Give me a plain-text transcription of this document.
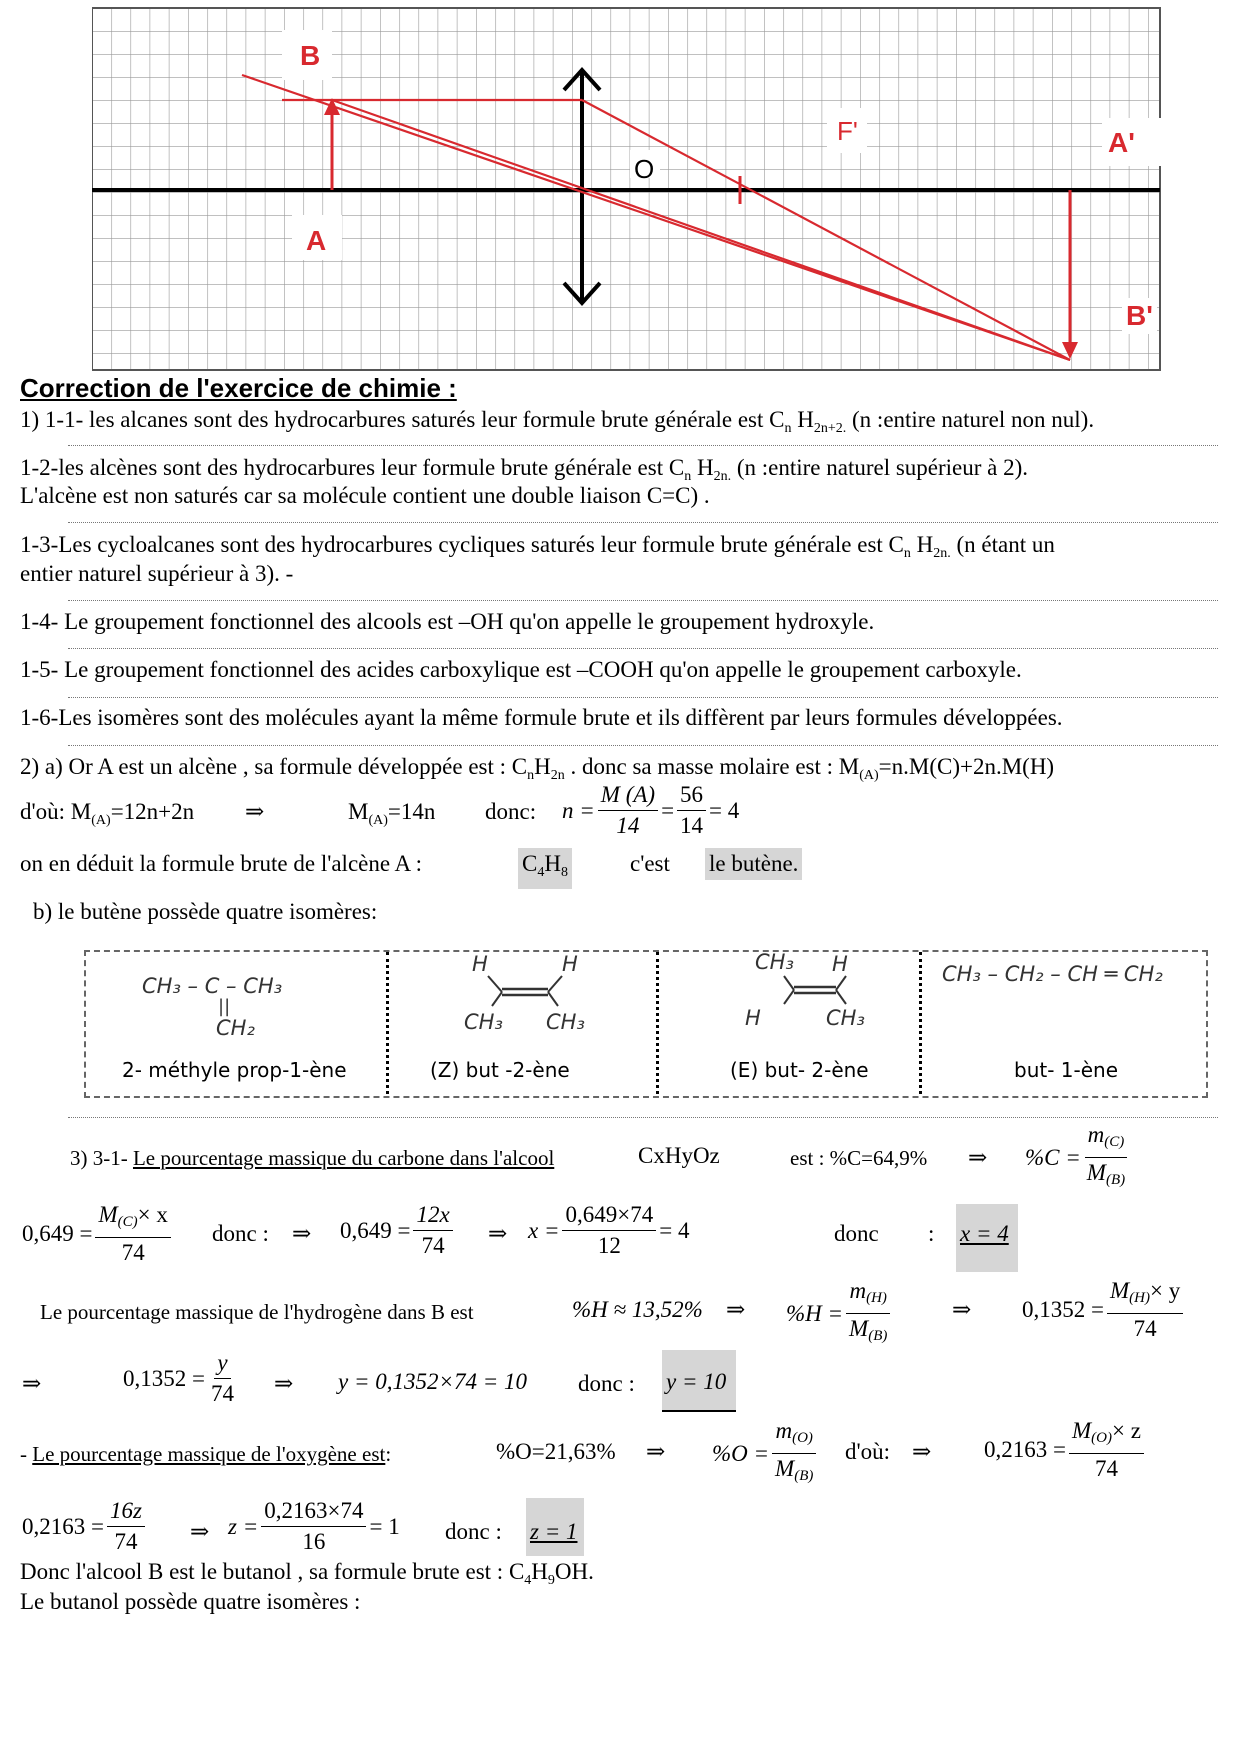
B
A
O
F'	A'
B'
Correction de l'exercice de chimie :
1) 1-1- les alcanes sont des hydrocarbures saturés leur formule brute générale est $C_n$ $H_{2n+2.}$ (n :entire naturel non nul).
1-2-les alcènes sont des hydrocarbures leur formule brute générale est $C_n$ $H_{2n.}$ (n :entire naturel supérieur à 2).
L'alcène est non saturés car sa molécule contient une double liaison C=C) .
1-3-Les cycloalcanes sont des hydrocarbures cycliques saturés leur formule brute générale est $C_n$ $H_{2n.}$ (n étant un
entier naturel supérieur à 3). -
1-4- Le groupement fonctionnel des alcools est –OH qu'on appelle le groupement hydroxyle.
1-5- Le groupement fonctionnel des acides carboxylique est –COOH qu'on appelle le groupement carboxyle.
1-6-Les isomères sont des molécules ayant la même formule brute et ils diffèrent par leurs formules développées.
2) a) Or A est un alcène , sa formule développée est : $C_nH_{2n}$ . donc sa masse molaire est : $M_{(A)}=n.M(C)+2n.M(H)$
d'où: $M_{(A)}=12n+2n$ ⇒	$M_{(A)}=14n$ donc: $n = \frac{M (A)}{14} = \frac{56}{14} = 4$
on en déduit la formule brute de l'alcène A :	$C_4H_8$	c'est le butène.
b) le butène possède quatre isomères:
CH₃ – C – CH₃
||
CH₂
2- méthyle prop-1-ène
H	H
CH₃ CH₃
(Z) but -2-ène
CH₃ H
H	CH₃
(E) but- 2-ène
CH₃ – CH₂ – CH ═ CH₂
but- 1-ène
3) 3-1- Le pourcentage massique du carbone dans l'alcool	CxHyOz	est : %C=64,9% ⇒ $\%C = \frac{m(C)}{M(B)}$
$0,649 = \frac{M(C)\times x}{74}$ donc : ⇒ $0,649 = \frac{12x}{74}$ ⇒ $x = \frac{0,649\times 74}{12} = 4$	donc : x = 4
Le pourcentage massique de l'hydrogène dans B est	%H ≈ 13,52% ⇒ $\%H = \frac{m(H)}{M(B)}$	⇒ $0,1352 = \frac{M(H)\times y}{74}$
⇒	$0,1352 = \frac{y}{74}$ ⇒ y = 0,1352×74 = 10 donc : y = 10
- Le pourcentage massique de l'oxygène est:	%O=21,63% ⇒ $\%O = \frac{m(O)}{M(B)}$ d'où: ⇒ $0,2163 = \frac{M(O)\times z}{74}$
$0,2163 = \frac{16z}{74}$ ⇒ $z = \frac{0,2163\times 74}{16} = 1$ donc : z = 1
Donc l'alcool B est le butanol , sa formule brute est : $C_4H_9OH$.
Le butanol possède quatre isomères :
